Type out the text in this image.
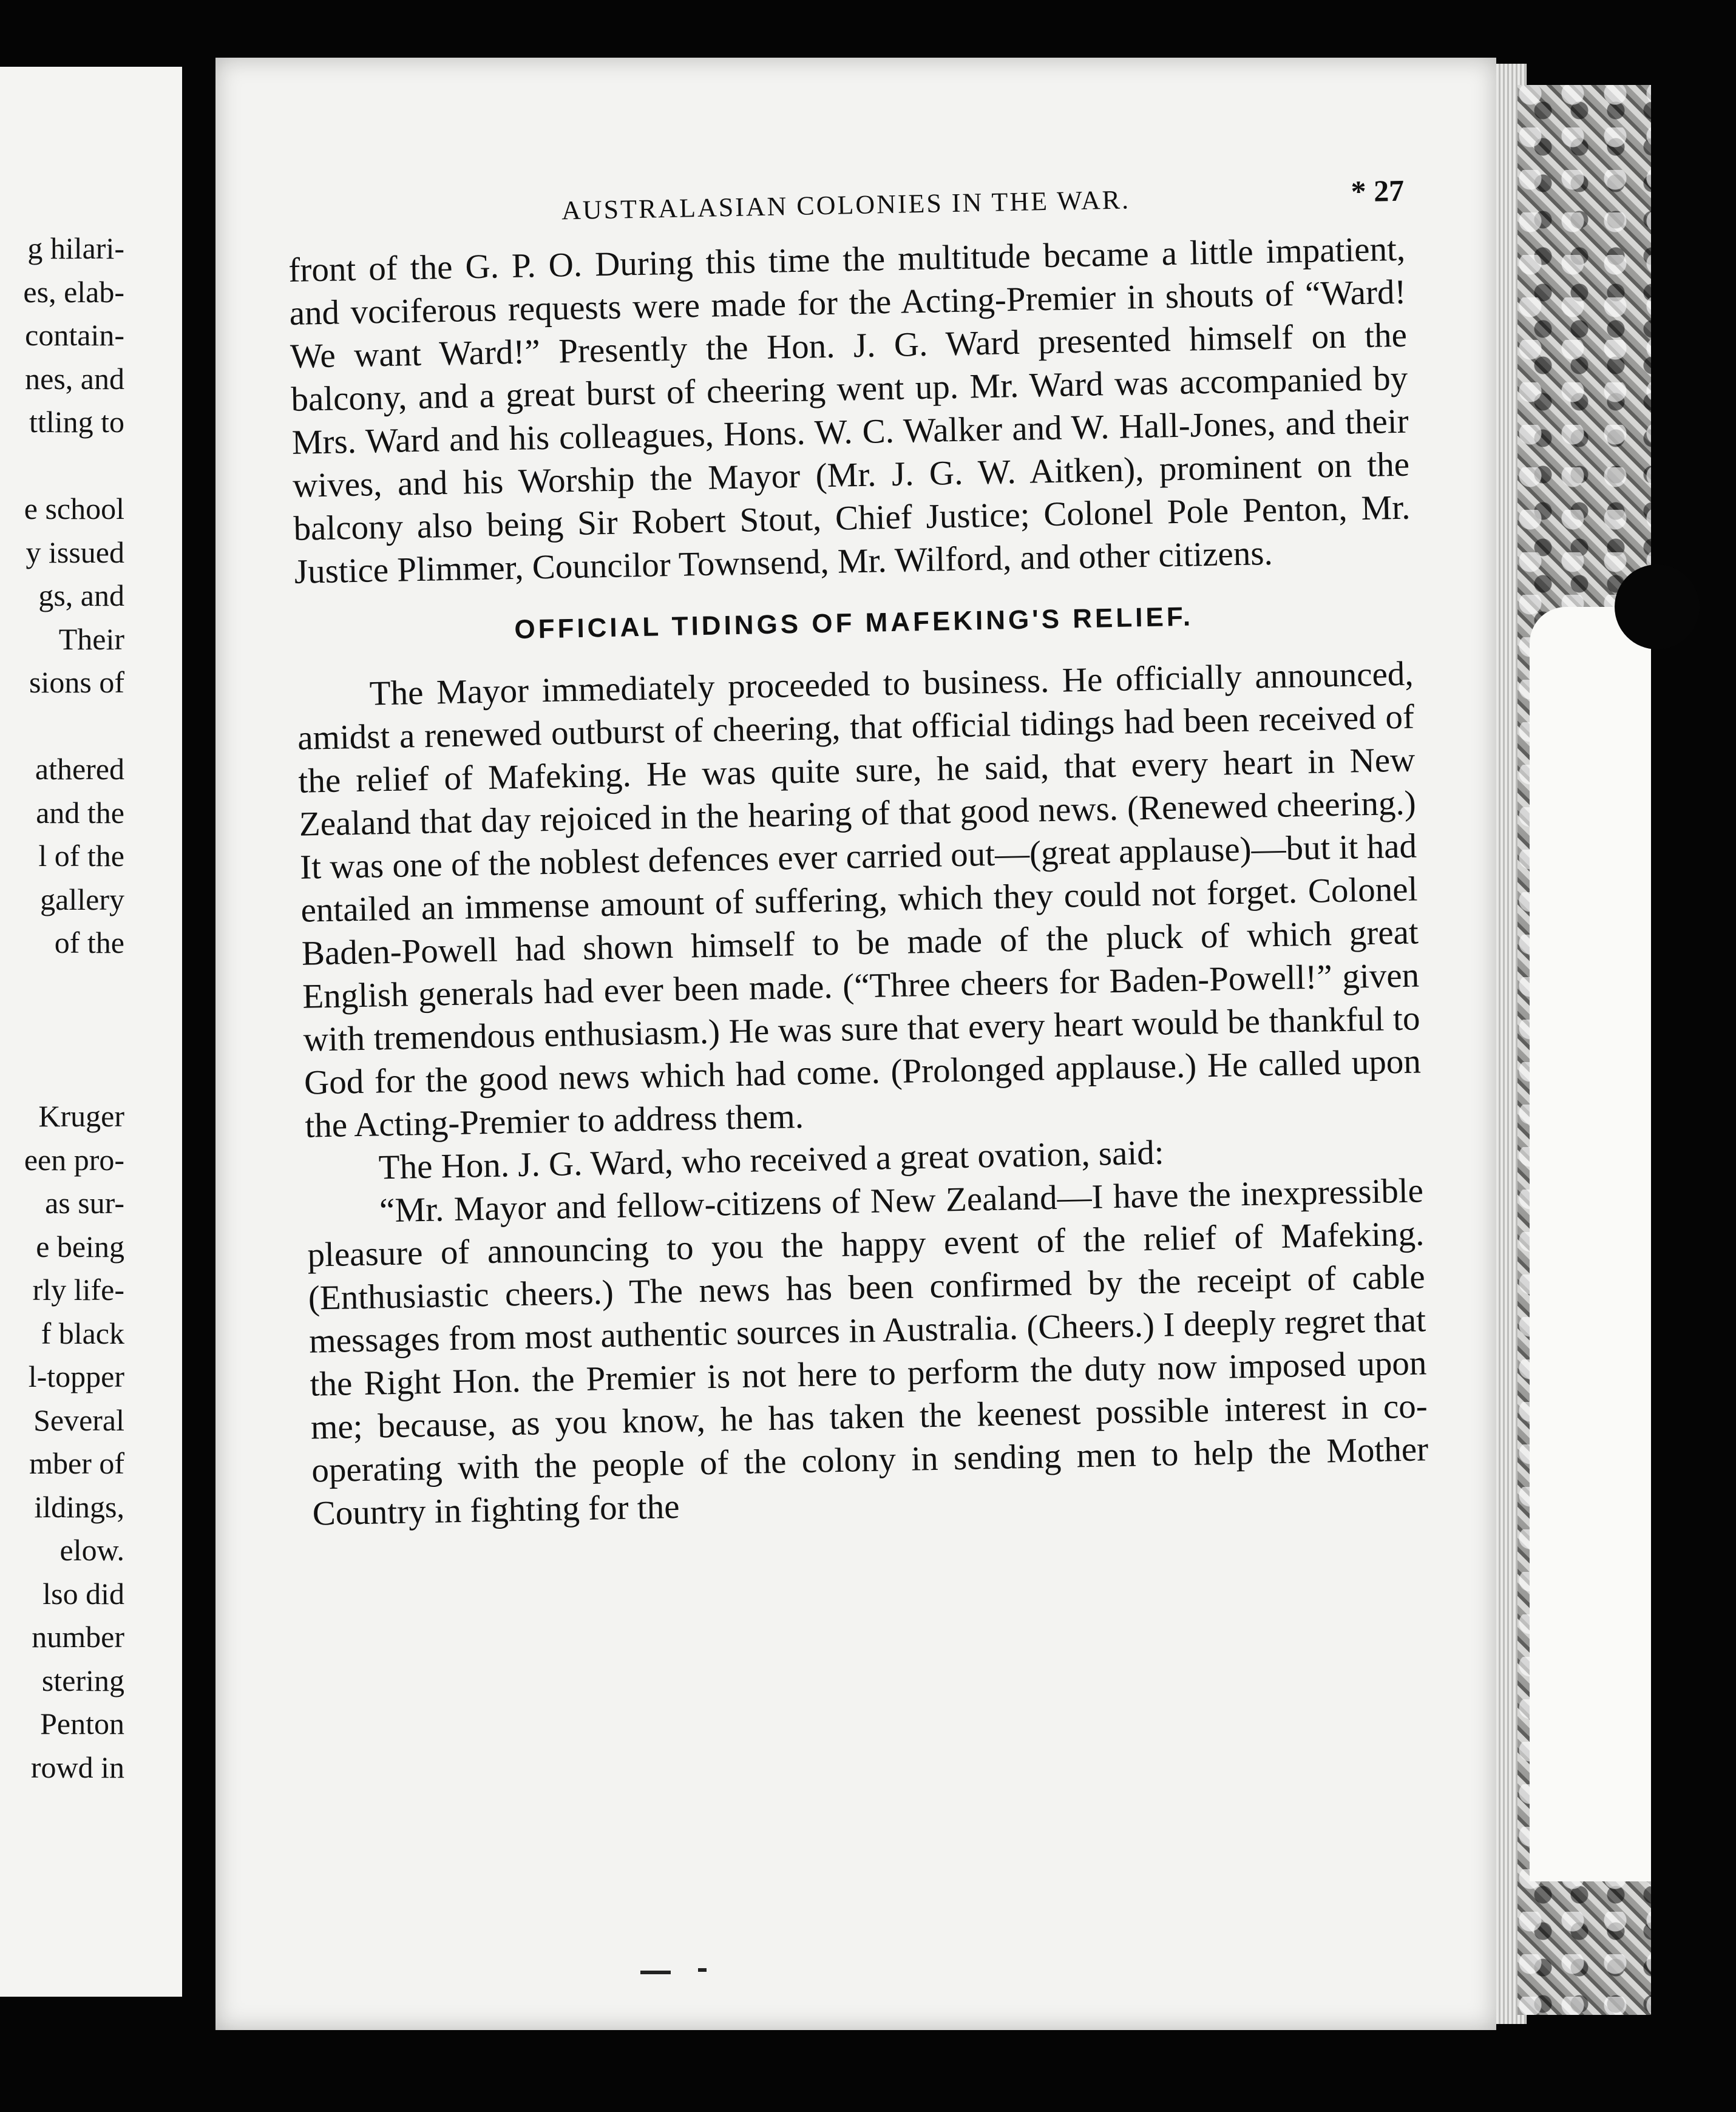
g hilari-
es, elab-
contain-
nes, and
ttling to
e school
y issued
gs, and
Their
sions of
athered
and the
l of the
gallery
of the
Kruger
een pro-
as sur-
e being
rly life-
f black
l-topper
Several
mber of
ildings,
elow.
lso did
number
stering
Penton
rowd in
AUSTRALASIAN COLONIES IN THE WAR.	* 27

front of the G. P. O. During this time the multitude became a little impatient, and vociferous requests were made for the Acting-Premier in shouts of “Ward! We want Ward!” Presently the Hon. J. G. Ward presented himself on the balcony, and a great burst of cheering went up. Mr. Ward was accompanied by Mrs. Ward and his colleagues, Hons. W. C. Walker and W. Hall-Jones, and their wives, and his Worship the Mayor (Mr. J. G. W. Aitken), prominent on the balcony also being Sir Robert Stout, Chief Justice; Colonel Pole Penton, Mr. Justice Plimmer, Councilor Townsend, Mr. Wilford, and other citizens.

OFFICIAL TIDINGS OF MAFEKING'S RELIEF.

The Mayor immediately proceeded to business. He officially announced, amidst a renewed outburst of cheering, that official tidings had been received of the relief of Mafeking. He was quite sure, he said, that every heart in New Zealand that day rejoiced in the hearing of that good news. (Renewed cheering.) It was one of the noblest defences ever carried out—(great applause)—but it had entailed an immense amount of suffering, which they could not forget. Colonel Baden-Powell had shown himself to be made of the pluck of which great English generals had ever been made. (“Three cheers for Baden-Powell!” given with tremendous enthusiasm.) He was sure that every heart would be thankful to God for the good news which had come. (Prolonged applause.) He called upon the Acting-Premier to address them.

The Hon. J. G. Ward, who received a great ovation, said:

“Mr. Mayor and fellow-citizens of New Zealand—I have the inexpressible pleasure of announcing to you the happy event of the relief of Mafeking. (Enthusiastic cheers.) The news has been confirmed by the receipt of cable messages from most authentic sources in Australia. (Cheers.) I deeply regret that the Right Hon. the Premier is not here to perform the duty now imposed upon me; because, as you know, he has taken the keenest possible interest in co-operating with the people of the colony in sending men to help the Mother Country in fighting for the
